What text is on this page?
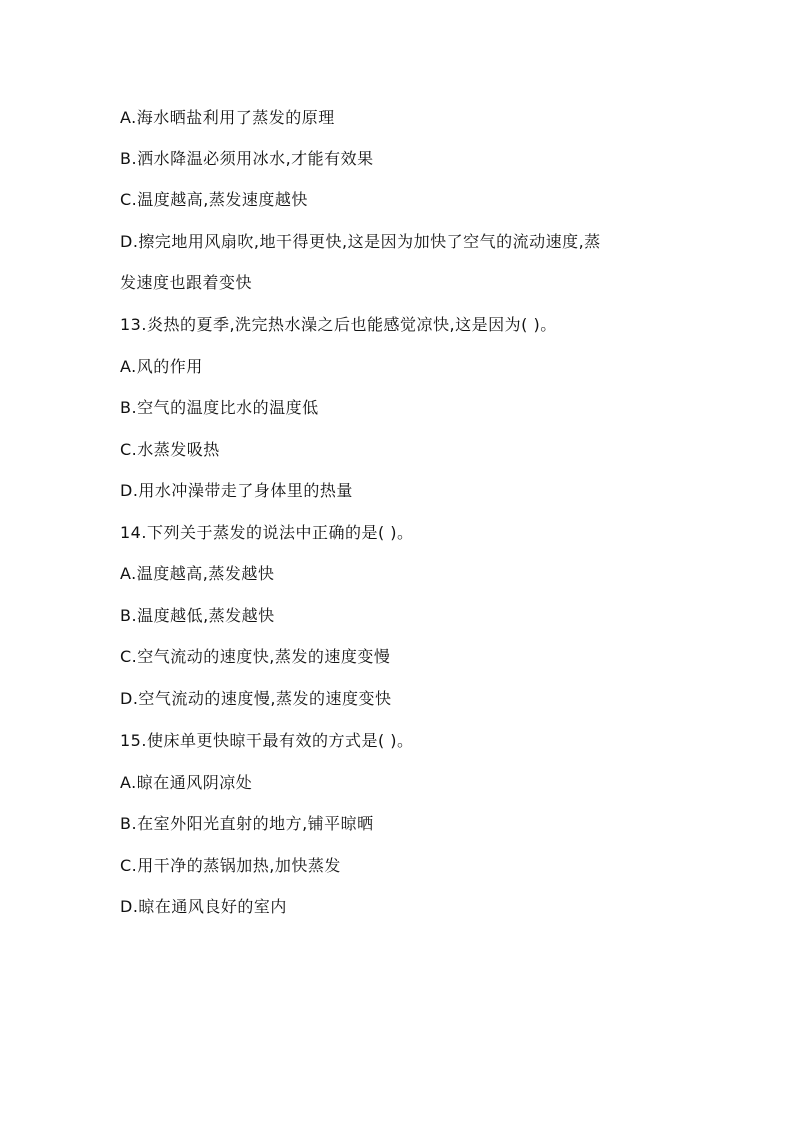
A.海水晒盐利用了蒸发的原理
B.洒水降温必须用冰水,才能有效果
C.温度越高,蒸发速度越快
D.擦完地用风扇吹,地干得更快,这是因为加快了空气的流动速度,蒸
发速度也跟着变快
13.炎热的夏季,洗完热水澡之后也能感觉凉快,这是因为( )。
A.风的作用
B.空气的温度比水的温度低
C.水蒸发吸热
D.用水冲澡带走了身体里的热量
14.下列关于蒸发的说法中正确的是( )。
A.温度越高,蒸发越快
B.温度越低,蒸发越快
C.空气流动的速度快,蒸发的速度变慢
D.空气流动的速度慢,蒸发的速度变快
15.使床单更快晾干最有效的方式是( )。
A.晾在通风阴凉处
B.在室外阳光直射的地方,铺平晾晒
C.用干净的蒸锅加热,加快蒸发
D.晾在通风良好的室内
